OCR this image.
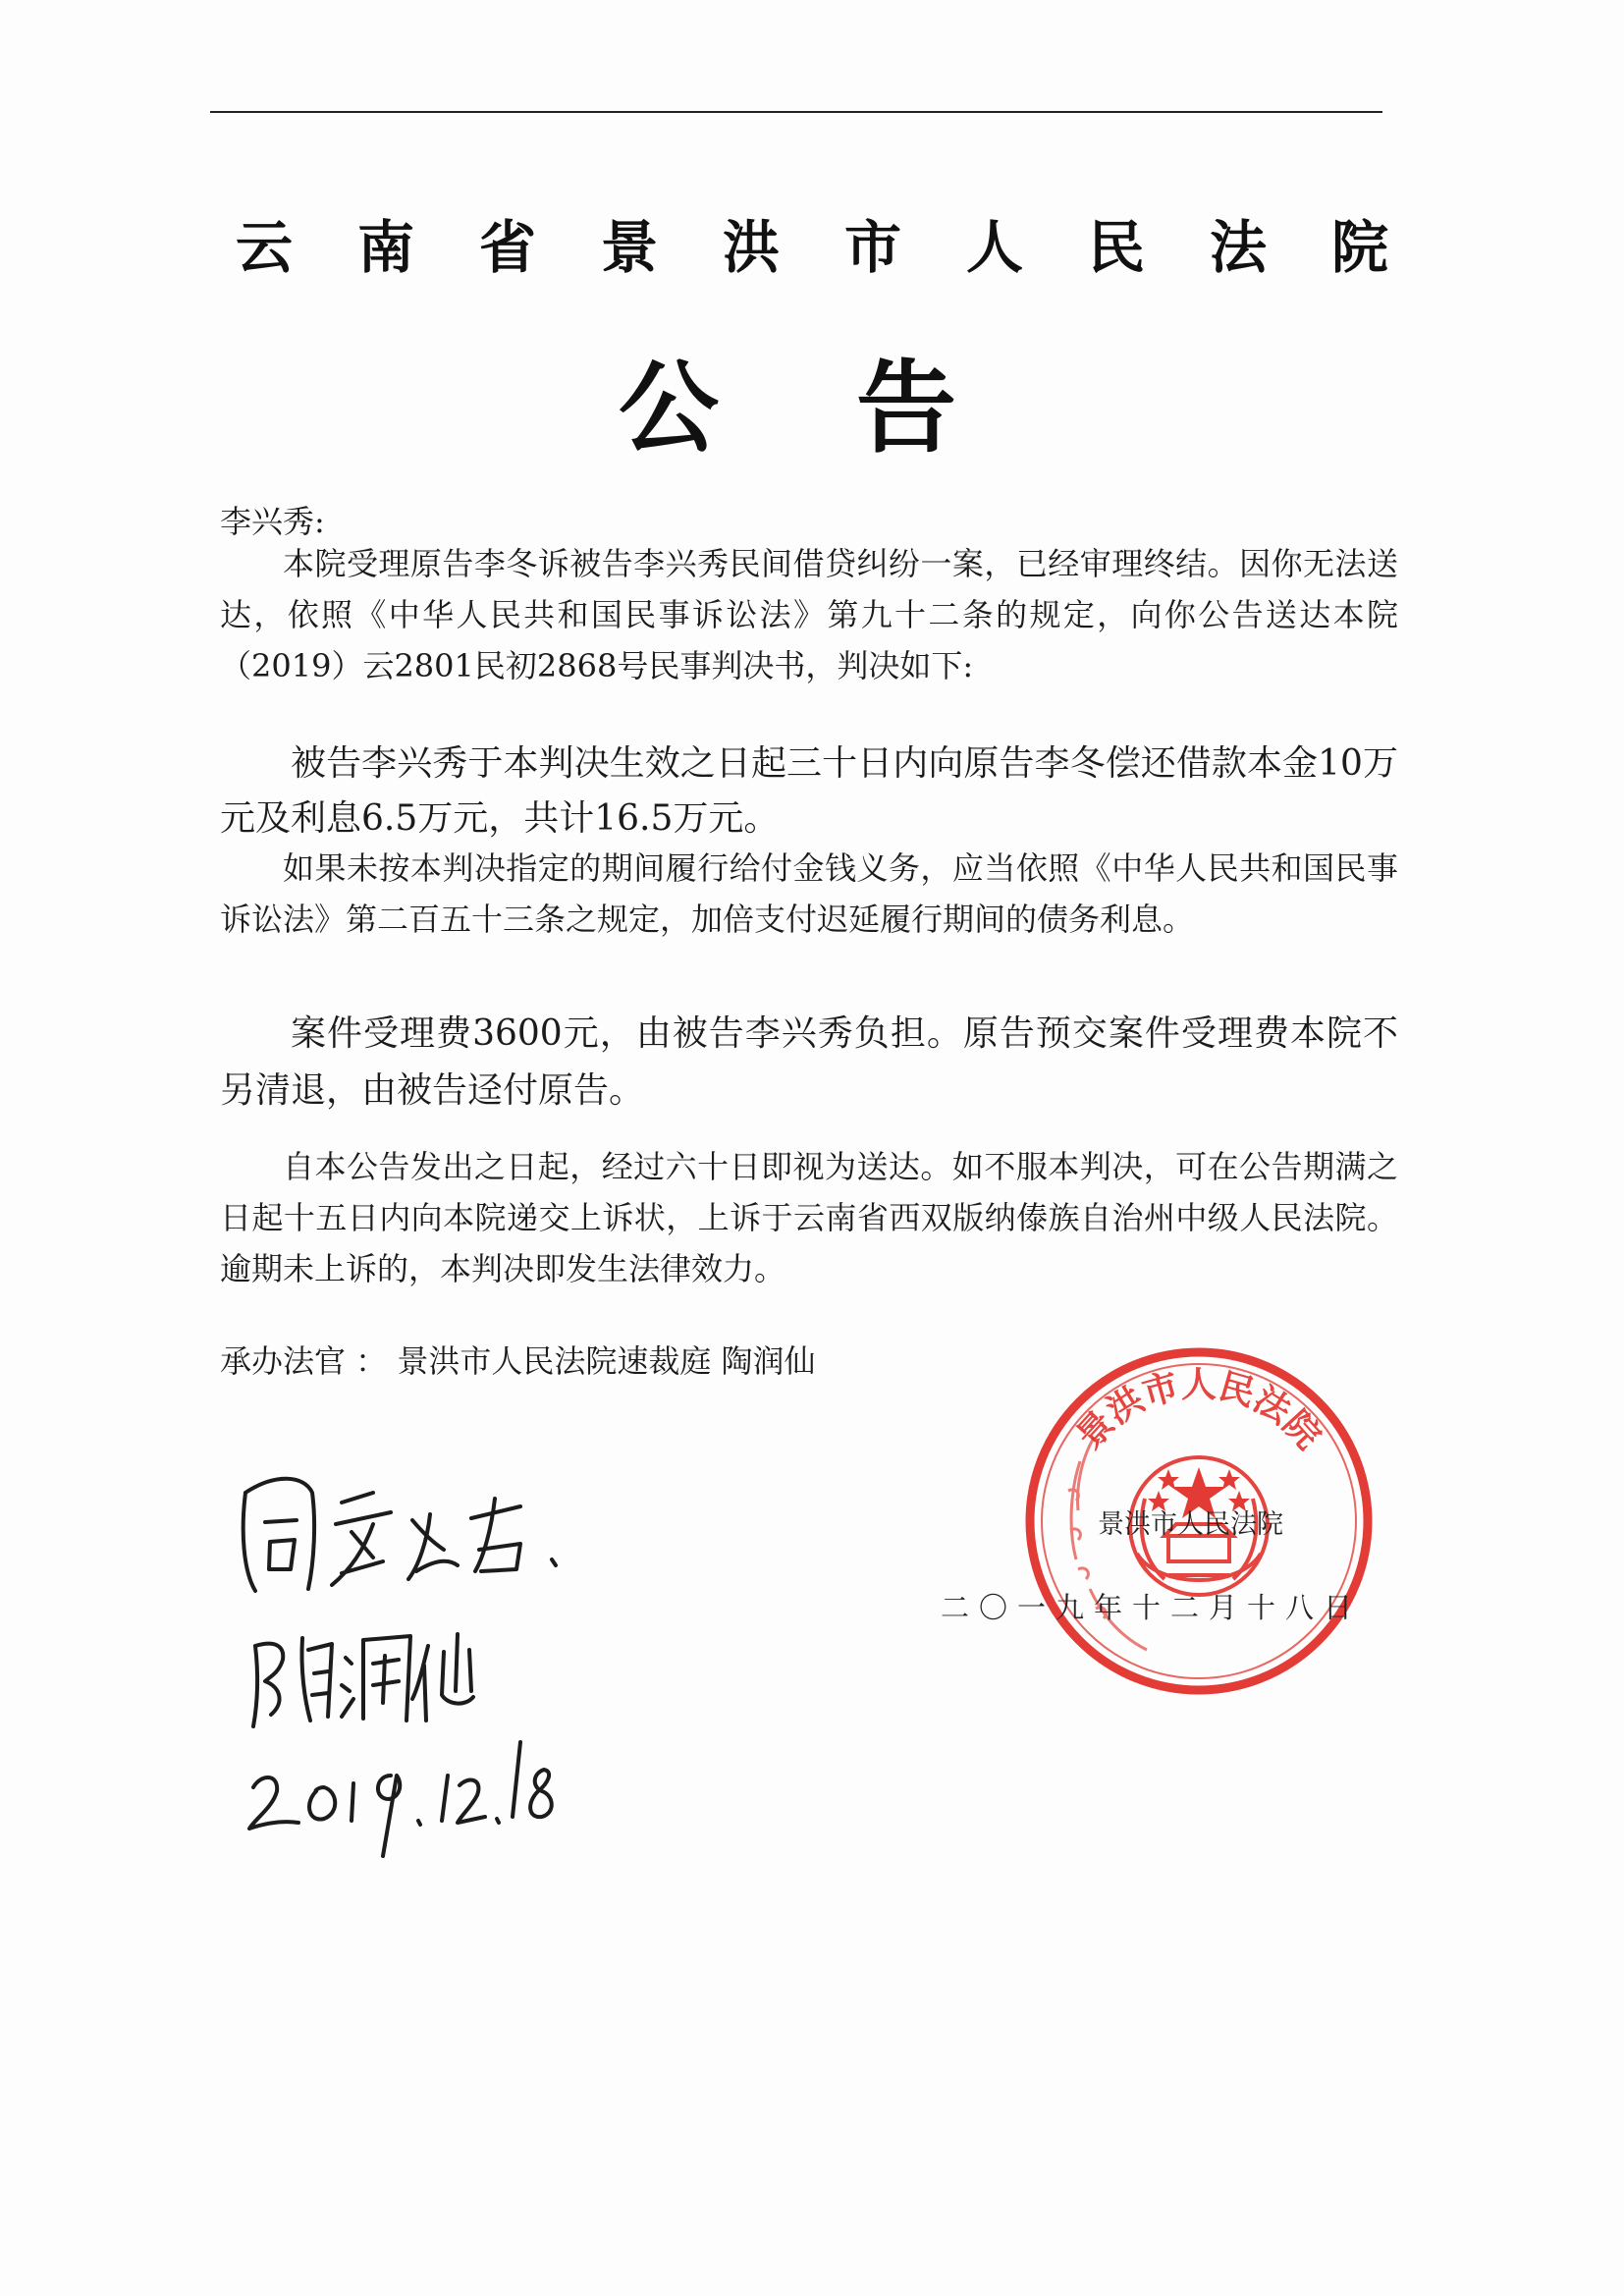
云南省景洪市人民法院
公告
李兴秀:
本院受理原告李冬诉被告李兴秀民间借贷纠纷一案，已经审理终结。因你无法送达，依照《中华人民共和国民事诉讼法》第九十二条的规定，向你公告送达本院（2019）云2801民初2868号民事判决书，判决如下:
被告李兴秀于本判决生效之日起三十日内向原告李冬偿还借款本金10万元及利息6.5万元，共计16.5万元。
如果未按本判决指定的期间履行给付金钱义务，应当依照《中华人民共和国民事诉讼法》第二百五十三条之规定，加倍支付迟延履行期间的债务利息。
案件受理费3600元，由被告李兴秀负担。原告预交案件受理费本院不另清退，由被告迳付原告。
自本公告发出之日起，经过六十日即视为送达。如不服本判决，可在公告期满之日起十五日内向本院递交上诉状，上诉于云南省西双版纳傣族自治州中级人民法院。逾期未上诉的，本判决即发生法律效力。
承办法官 ： 景洪市人民法院速裁庭 陶润仙
景洪市人民法院
景洪市人民法院
二〇一九年十二月十八日
